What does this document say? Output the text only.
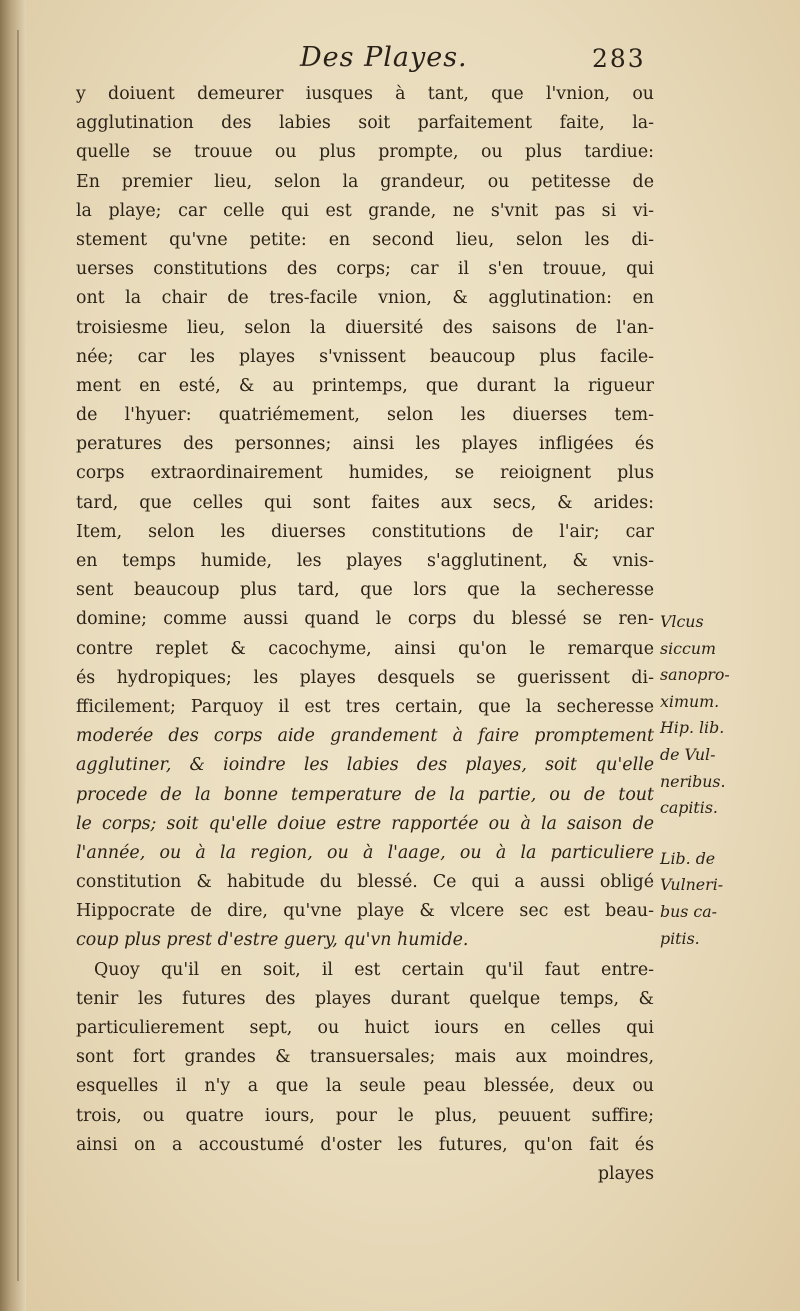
Des Playes.	283
y doiuent demeurer iusques à tant, que l'vnion, ou
agglutination des labies soit parfaitement faite, la-
quelle se trouue ou plus prompte, ou plus tardiue:
En premier lieu, selon la grandeur, ou petitesse de
la playe; car celle qui est grande, ne s'vnit pas si vi-
stement qu'vne petite: en second lieu, selon les di-
uerses constitutions des corps; car il s'en trouue, qui
ont la chair de tres-facile vnion, & agglutination: en
troisiesme lieu, selon la diuersité des saisons de l'an-
née; car les playes s'vnissent beaucoup plus facile-
ment en esté, & au printemps, que durant la rigueur
de l'hyuer: quatriémement, selon les diuerses tem-
peratures des personnes; ainsi les playes infligées és
corps extraordinairement humides, se reioignent plus
tard, que celles qui sont faites aux secs, & arides:
Item, selon les diuerses constitutions de l'air; car
en temps humide, les playes s'agglutinent, & vnis-
sent beaucoup plus tard, que lors que la secheresse
domine; comme aussi quand le corps du blessé se ren-
contre replet & cacochyme, ainsi qu'on le remarque
és hydropiques; les playes desquels se guerissent di-
fficilement; Parquoy il est tres certain, que la secheresse
moderée des corps aide grandement à faire promptement
agglutiner, & ioindre les labies des playes, soit qu'elle
procede de la bonne temperature de la partie, ou de tout
le corps; soit qu'elle doiue estre rapportée ou à la saison de
l'année, ou à la region, ou à l'aage, ou à la particuliere
constitution & habitude du blessé. Ce qui a aussi obligé
Hippocrate de dire, qu'vne playe & vlcere sec est beau-
coup plus prest d'estre guery, qu'vn humide.
Quoy qu'il en soit, il est certain qu'il faut entre-
tenir les futures des playes durant quelque temps, &
particulierement sept, ou huict iours en celles qui
sont fort grandes & transuersales; mais aux moindres,
esquelles il n'y a que la seule peau blessée, deux ou
trois, ou quatre iours, pour le plus, peuuent suffire;
ainsi on a accoustumé d'oster les futures, qu'on fait és
playes
Vlcus
siccum
sanopro-
ximum.
Hip. lib.
de Vul-
neribus.
capitis.
Lib. de
Vulneri-
bus ca-
pitis.
